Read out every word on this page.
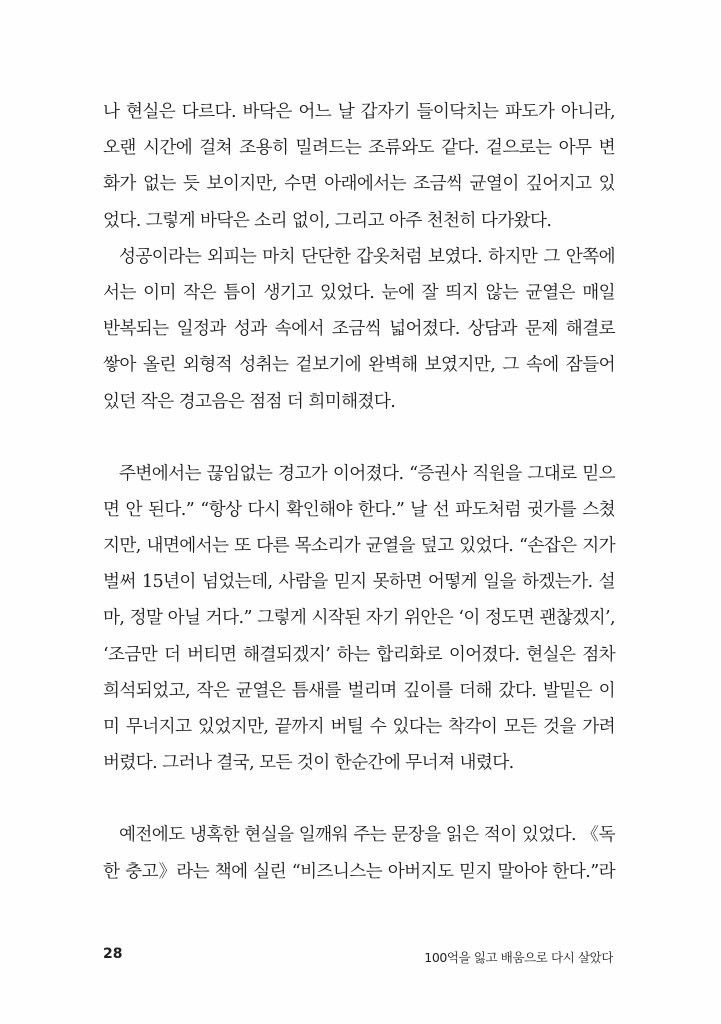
나 현실은 다르다. 바닥은 어느 날 갑자기 들이닥치는 파도가 아니라,
오랜 시간에 걸쳐 조용히 밀려드는 조류와도 같다. 겉으로는 아무 변
화가 없는 듯 보이지만, 수면 아래에서는 조금씩 균열이 깊어지고 있
었다. 그렇게 바닥은 소리 없이, 그리고 아주 천천히 다가왔다.
성공이라는 외피는 마치 단단한 갑옷처럼 보였다. 하지만 그 안쪽에
서는 이미 작은 틈이 생기고 있었다. 눈에 잘 띄지 않는 균열은 매일
반복되는 일정과 성과 속에서 조금씩 넓어졌다. 상담과 문제 해결로
쌓아 올린 외형적 성취는 겉보기에 완벽해 보였지만, 그 속에 잠들어
있던 작은 경고음은 점점 더 희미해졌다.
주변에서는 끊임없는 경고가 이어졌다. “증권사 직원을 그대로 믿으
면 안 된다.” “항상 다시 확인해야 한다.” 날 선 파도처럼 귓가를 스쳤
지만, 내면에서는 또 다른 목소리가 균열을 덮고 있었다. “손잡은 지가
벌써 15년이 넘었는데, 사람을 믿지 못하면 어떻게 일을 하겠는가. 설
마, 정말 아닐 거다.” 그렇게 시작된 자기 위안은 ‘이 정도면 괜찮겠지’,
‘조금만 더 버티면 해결되겠지’ 하는 합리화로 이어졌다. 현실은 점차
희석되었고, 작은 균열은 틈새를 벌리며 깊이를 더해 갔다. 발밑은 이
미 무너지고 있었지만, 끝까지 버틸 수 있다는 착각이 모든 것을 가려
버렸다. 그러나 결국, 모든 것이 한순간에 무너져 내렸다.
예전에도 냉혹한 현실을 일깨워 주는 문장을 읽은 적이 있었다. 《독
한 충고》라는 책에 실린 “비즈니스는 아버지도 믿지 말아야 한다.”라
28	100억을 잃고 배움으로 다시 살았다
